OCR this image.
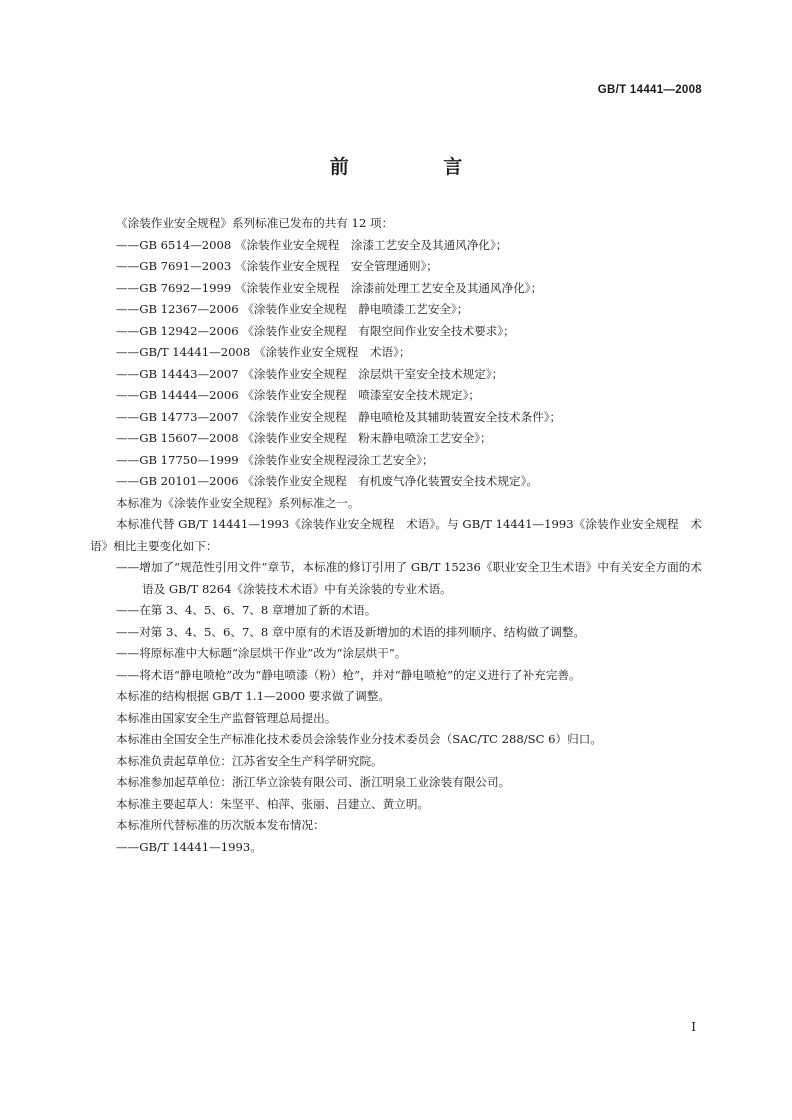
GB/T 14441—2008
前 言

《涂装作业安全规程》系列标准已发布的共有 12 项：

——GB 6514—2008 《涂装作业安全规程　涂漆工艺安全及其通风净化》；

——GB 7691—2003 《涂装作业安全规程　安全管理通则》；

——GB 7692—1999 《涂装作业安全规程　涂漆前处理工艺安全及其通风净化》；

——GB 12367—2006 《涂装作业安全规程　静电喷漆工艺安全》；

——GB 12942—2006 《涂装作业安全规程　有限空间作业安全技术要求》；

——GB/T 14441—2008 《涂装作业安全规程　术语》；

——GB 14443—2007 《涂装作业安全规程　涂层烘干室安全技术规定》；

——GB 14444—2006 《涂装作业安全规程　喷漆室安全技术规定》；

——GB 14773—2007 《涂装作业安全规程　静电喷枪及其辅助装置安全技术条件》；

——GB 15607—2008 《涂装作业安全规程　粉末静电喷涂工艺安全》；

——GB 17750—1999 《涂装作业安全规程浸涂工艺安全》；

——GB 20101—2006 《涂装作业安全规程　有机废气净化装置安全技术规定》。

本标准为《涂装作业安全规程》系列标准之一。

本标准代替 GB/T 14441—1993《涂装作业安全规程　术语》。与 GB/T 14441—1993《涂装作业安全规程　术语》相比主要变化如下：

——增加了“规范性引用文件”章节，本标准的修订引用了 GB/T 15236《职业安全卫生术语》中有关安全方面的术语及 GB/T 8264《涂装技术术语》中有关涂装的专业术语。

——在第 3、4、5、6、7、8 章增加了新的术语。

——对第 3、4、5、6、7、8 章中原有的术语及新增加的术语的排列顺序、结构做了调整。

——将原标准中大标题“涂层烘干作业”改为“涂层烘干”。

——将术语“静电喷枪”改为“静电喷漆（粉）枪”，并对“静电喷枪”的定义进行了补充完善。

本标准的结构根据 GB/T 1.1—2000 要求做了调整。

本标准由国家安全生产监督管理总局提出。

本标准由全国安全生产标准化技术委员会涂装作业分技术委员会（SAC/TC 288/SC 6）归口。

本标准负责起草单位：江苏省安全生产科学研究院。

本标准参加起草单位：浙江华立涂装有限公司、浙江明泉工业涂装有限公司。

本标准主要起草人：朱坚平、柏萍、张丽、吕建立、黄立明。

本标准所代替标准的历次版本发布情况：

——GB/T 14441—1993。

I
